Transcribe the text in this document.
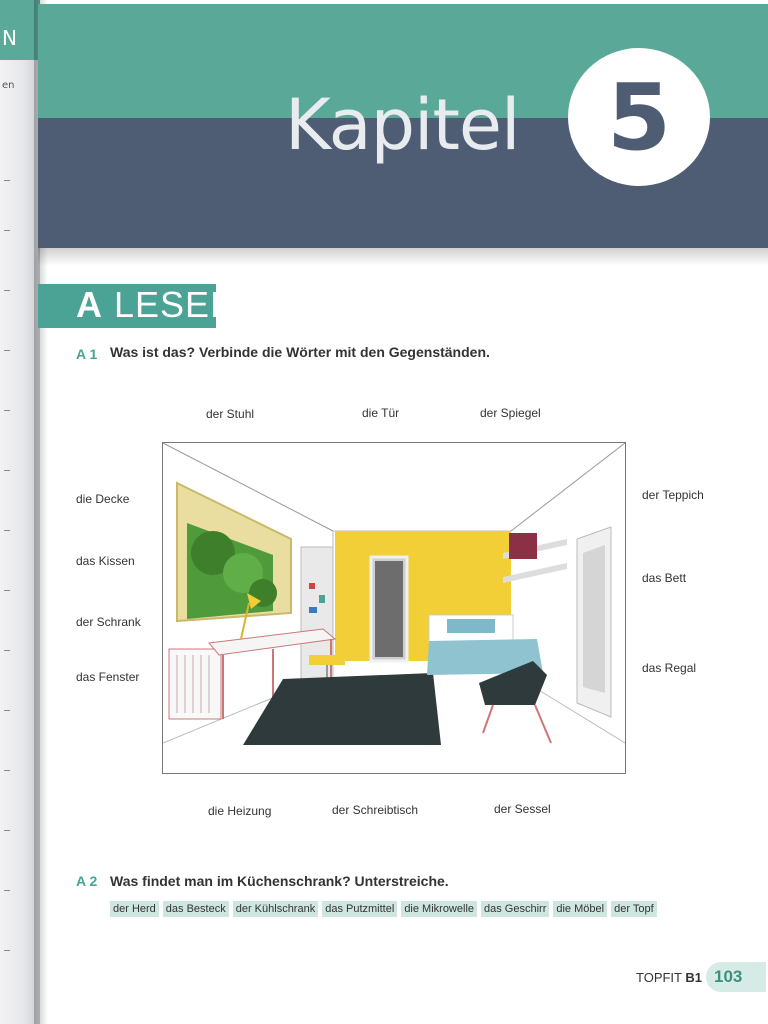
N
en	Kapitel 5
A LESEN
A 1 Was ist das? Verbinde die Wörter mit den Gegenständen.
der Stuhl	die Tür	der Spiegel
die Decke
das Kissen
der Schrank
das Fenster
der Teppich
das Bett
das Regal
die Heizung	der Schreibtisch	der Sessel
A 2 Was findet man im Küchenschrank? Unterstreiche.
der Herd das Besteck der Kühlschrank das Putzmittel die Mikrowelle das Geschirr die Möbel der Topf
TOPFIT B1 103
